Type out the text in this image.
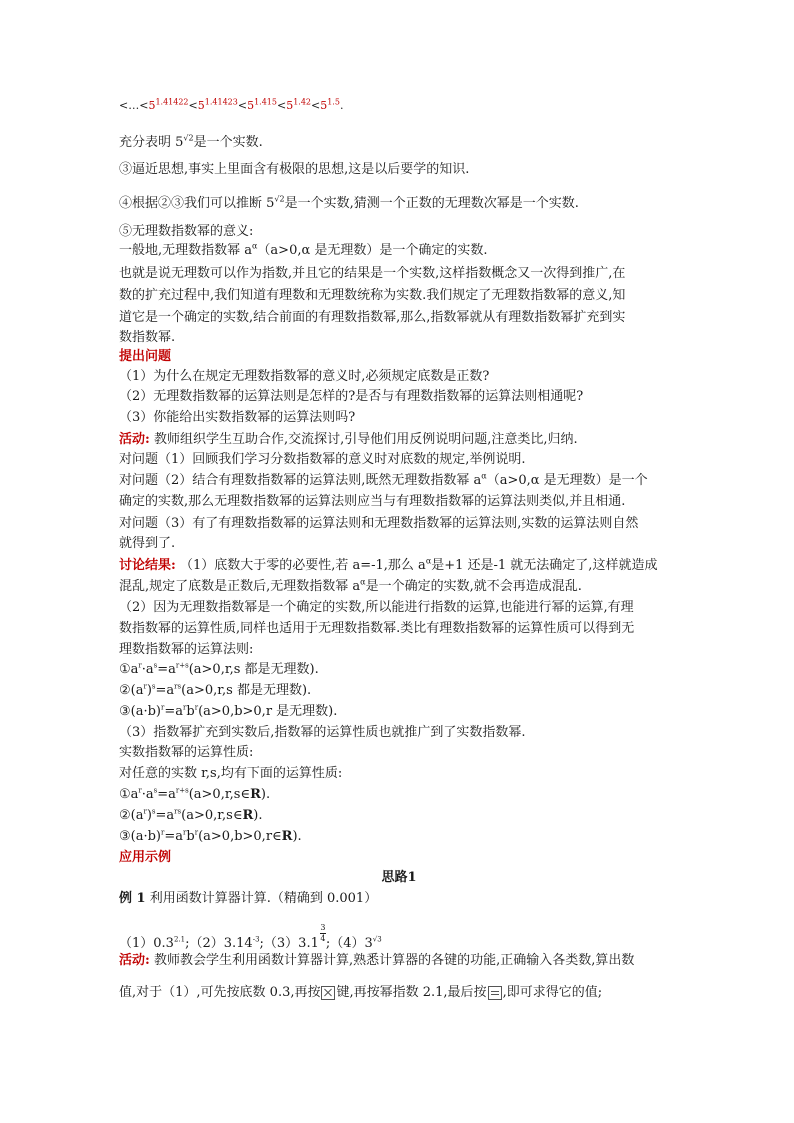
$<\dots<5^{1.41422}<5^{1.41423}<5^{1.415}<5^{1.42}<5^{1.5}$.
充分表明 $5^{√2}$是一个实数.
③逼近思想,事实上里面含有极限的思想,这是以后要学的知识.
④根据②③我们可以推断 $5^{√2}$是一个实数,猜测一个正数的无理数次幂是一个实数.
⑤无理数指数幂的意义:
一般地,无理数指数幂 $a^\alpha(a>0,\alpha$ 是无理数）是一个确定的实数.
也就是说无理数可以作为指数,并且它的结果是一个实数,这样指数概念又一次得到推广,在
数的扩充过程中,我们知道有理数和无理数统称为实数.我们规定了无理数指数幂的意义,知
道它是一个确定的实数,结合前面的有理数指数幂,那么,指数幂就从有理数指数幂扩充到实
数指数幂.
提出问题
（1）为什么在规定无理数指数幂的意义时,必须规定底数是正数?
（2）无理数指数幂的运算法则是怎样的?是否与有理数指数幂的运算法则相通呢?
（3）你能给出实数指数幂的运算法则吗?
活动: 教师组织学生互助合作,交流探讨,引导他们用反例说明问题,注意类比,归纳.
对问题（1）回顾我们学习分数指数幂的意义时对底数的规定,举例说明.
对问题（2）结合有理数指数幂的运算法则,既然无理数指数幂 $a^\alpha(a>0,\alpha$ 是无理数）是一个
确定的实数,那么无理数指数幂的运算法则应当与有理数指数幂的运算法则类似,并且相通.
对问题（3）有了有理数指数幂的运算法则和无理数指数幂的运算法则,实数的运算法则自然
就得到了.
讨论结果: （1）底数大于零的必要性,若 a=-1,那么 $a^\alpha$是+1 还是-1 就无法确定了,这样就造成
混乱,规定了底数是正数后,无理数指数幂 $a^\alpha$是一个确定的实数,就不会再造成混乱.
（2）因为无理数指数幂是一个确定的实数,所以能进行指数的运算,也能进行幂的运算,有理
数指数幂的运算性质,同样也适用于无理数指数幂.类比有理数指数幂的运算性质可以得到无
理数指数幂的运算法则:
$①a^r\cdot a^s=a^{r+s}(a>0,r,s$ 都是无理数).
$②(a^r)^s=a^{rs}(a>0,r,s$ 都是无理数).
$③(a\cdot b)^r=a^rb^r(a>0,b>0,r$ 是无理数).
（3）指数幂扩充到实数后,指数幂的运算性质也就推广到了实数指数幂.
实数指数幂的运算性质:
对任意的实数 r,s,均有下面的运算性质:
$①a^r\cdot a^s=a^{r+s}(a>0,r,s\in R)$.
$②(a^r)^s=a^{rs}(a>0,r,s\in R)$.
$③(a\cdot b)^r=a^rb^r(a>0,b>0,r\in R)$.
应用示例
思路1
例 1 利用函数计算器计算.（精确到 0.001）
$(1)0.3^{2.1};(2)3.14^{-3};(3)3.1$
$\frac{3}{4}$
$;(4)3^{√3}$
活动: 教师教会学生利用函数计算器计算,熟悉计算器的各键的功能,正确输入各类数,算出数
值,对于（1）,可先按底数 0.3,再按 键,再按幂指数 2.1,最后按 ,即可求得它的值;
